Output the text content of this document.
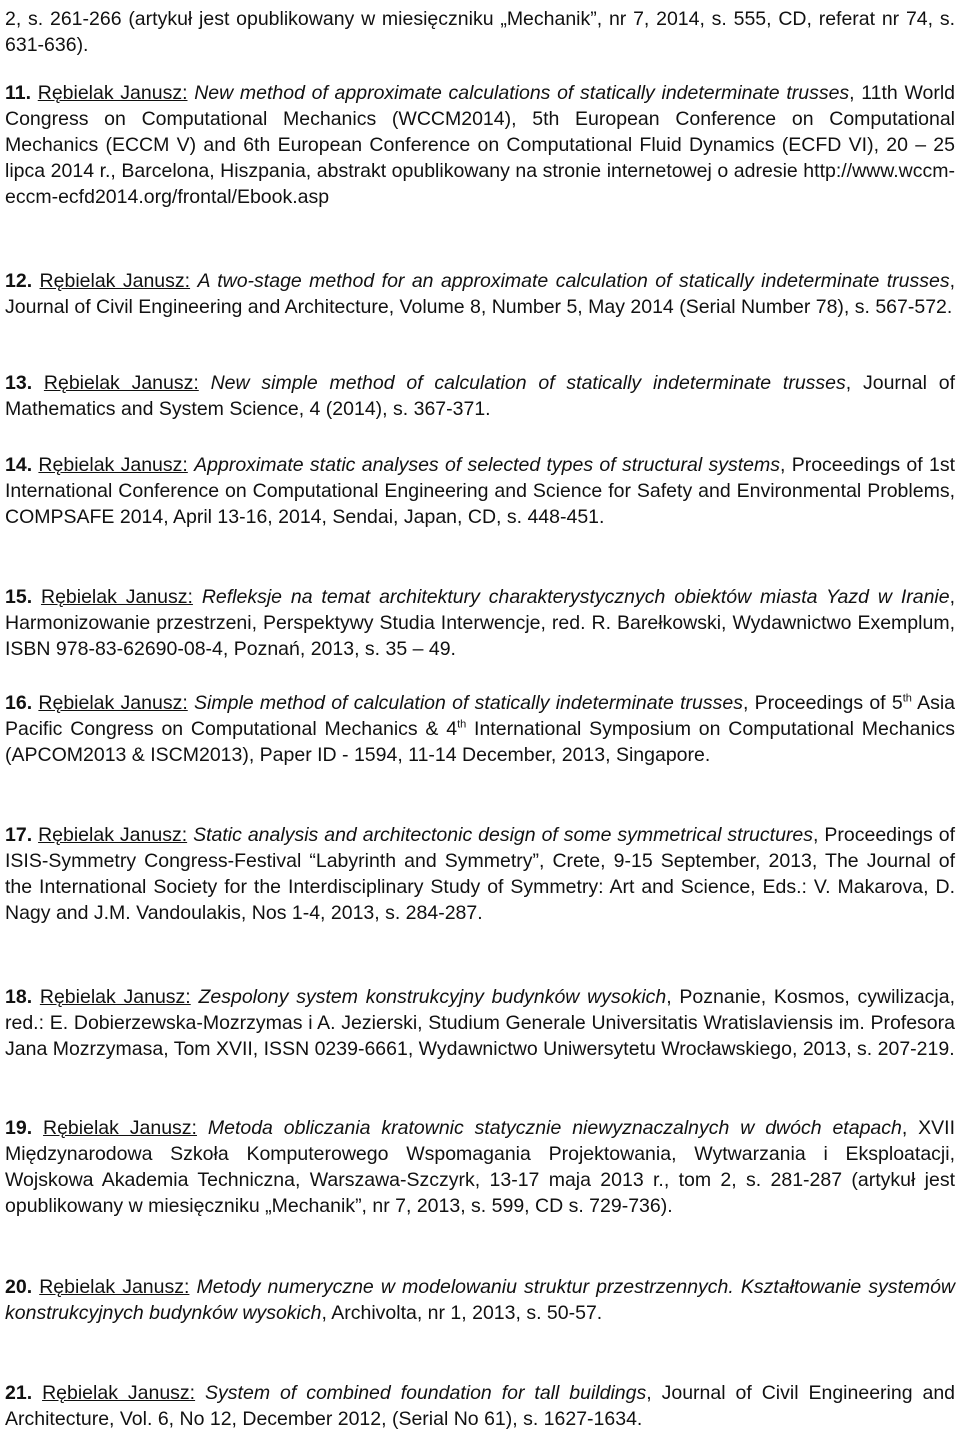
2, s. 261-266 (artykuł jest opublikowany w miesięczniku „Mechanik”, nr 7, 2014, s. 555, CD, referat nr 74, s. 631-636).

11. Rębielak Janusz: New method of approximate calculations of statically indeterminate trusses, 11th World Congress on Computational Mechanics (WCCM2014), 5th European Conference on Computational Mechanics (ECCM V) and 6th European Conference on Computational Fluid Dynamics (ECFD VI), 20 – 25 lipca 2014 r., Barcelona, Hiszpania, abstrakt opublikowany na stronie internetowej o adresie http://www.wccm-eccm-ecfd2014.org/frontal/Ebook.asp

12. Rębielak Janusz: A two-stage method for an approximate calculation of statically indeterminate trusses, Journal of Civil Engineering and Architecture, Volume 8, Number 5, May 2014 (Serial Number 78), s. 567-572.

13. Rębielak Janusz: New simple method of calculation of statically indeterminate trusses, Journal of Mathematics and System Science, 4 (2014), s. 367-371.

14. Rębielak Janusz: Approximate static analyses of selected types of structural systems, Proceedings of 1st International Conference on Computational Engineering and Science for Safety and Environmental Problems, COMPSAFE 2014, April 13-16, 2014, Sendai, Japan, CD, s. 448-451.

15. Rębielak Janusz: Refleksje na temat architektury charakterystycznych obiektów miasta Yazd w Iranie, Harmonizowanie przestrzeni, Perspektywy Studia Interwencje, red. R. Barełkowski, Wydawnictwo Exemplum, ISBN 978-83-62690-08-4, Poznań, 2013, s. 35 – 49.

16. Rębielak Janusz: Simple method of calculation of statically indeterminate trusses, Proceedings of 5th Asia Pacific Congress on Computational Mechanics & 4th International Symposium on Computational Mechanics (APCOM2013 & ISCM2013), Paper ID - 1594, 11-14 December, 2013, Singapore.

17. Rębielak Janusz: Static analysis and architectonic design of some symmetrical structures, Proceedings of ISIS-Symmetry Congress-Festival “Labyrinth and Symmetry”, Crete, 9-15 September, 2013, The Journal of the International Society for the Interdisciplinary Study of Symmetry: Art and Science, Eds.: V. Makarova, D. Nagy and J.M. Vandoulakis, Nos 1-4, 2013, s. 284-287.

18. Rębielak Janusz: Zespolony system konstrukcyjny budynków wysokich, Poznanie, Kosmos, cywilizacja, red.: E. Dobierzewska-Mozrzymas i A. Jezierski, Studium Generale Universitatis Wratislaviensis im. Profesora Jana Mozrzymasa, Tom XVII, ISSN 0239-6661, Wydawnictwo Uniwersytetu Wrocławskiego, 2013, s. 207-219.

19. Rębielak Janusz: Metoda obliczania kratownic statycznie niewyznaczalnych w dwóch etapach, XVII Międzynarodowa Szkoła Komputerowego Wspomagania Projektowania, Wytwarzania i Eksploatacji, Wojskowa Akademia Techniczna, Warszawa-Szczyrk, 13-17 maja 2013 r., tom 2, s. 281-287 (artykuł jest opublikowany w miesięczniku „Mechanik”, nr 7, 2013, s. 599, CD s. 729-736).

20. Rębielak Janusz: Metody numeryczne w modelowaniu struktur przestrzennych. Kształtowanie systemów konstrukcyjnych budynków wysokich, Archivolta, nr 1, 2013, s. 50-57.

21. Rębielak Janusz: System of combined foundation for tall buildings, Journal of Civil Engineering and Architecture, Vol. 6, No 12, December 2012, (Serial No 61), s. 1627-1634.
